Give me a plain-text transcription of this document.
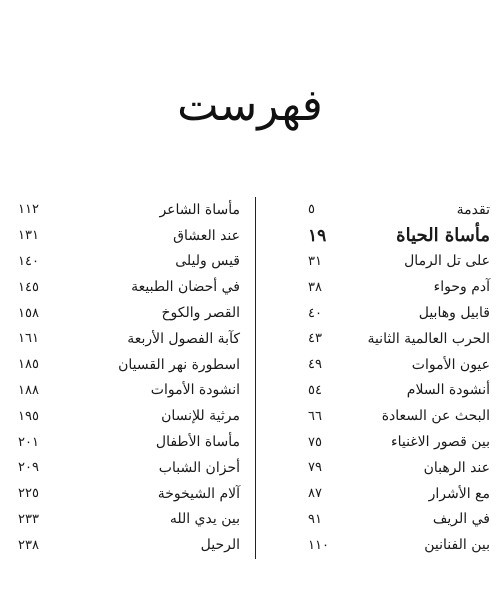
فهرست
تقدمة
٥
مأساة الحياة
١٩
على تل الرمال
٣١
آدم وحواء
٣٨
قابيل وهابيل
٤٠
الحرب العالمية الثانية
٤٣
عيون الأموات
٤٩
أنشودة السلام
٥٤
البحث عن السعادة
٦٦
بين قصور الاغنياء
٧٥
عند الرهبان
٧٩
مع الأشرار
٨٧
في الريف
٩١
بين الفنانين
١١٠
مأساة الشاعر
١١٢
عند العشاق
١٣١
قيس وليلى
١٤٠
في أحضان الطبيعة
١٤٥
القصر والكوخ
١٥٨
كآبة الفصول الأربعة
١٦١
اسطورة نهر القسيان
١٨٥
انشودة الأموات
١٨٨
مرثية للإنسان
١٩٥
مأساة الأطفال
٢٠١
أحزان الشباب
٢٠٩
آلام الشيخوخة
٢٢٥
بين يدي الله
٢٣٣
الرحيل
٢٣٨
